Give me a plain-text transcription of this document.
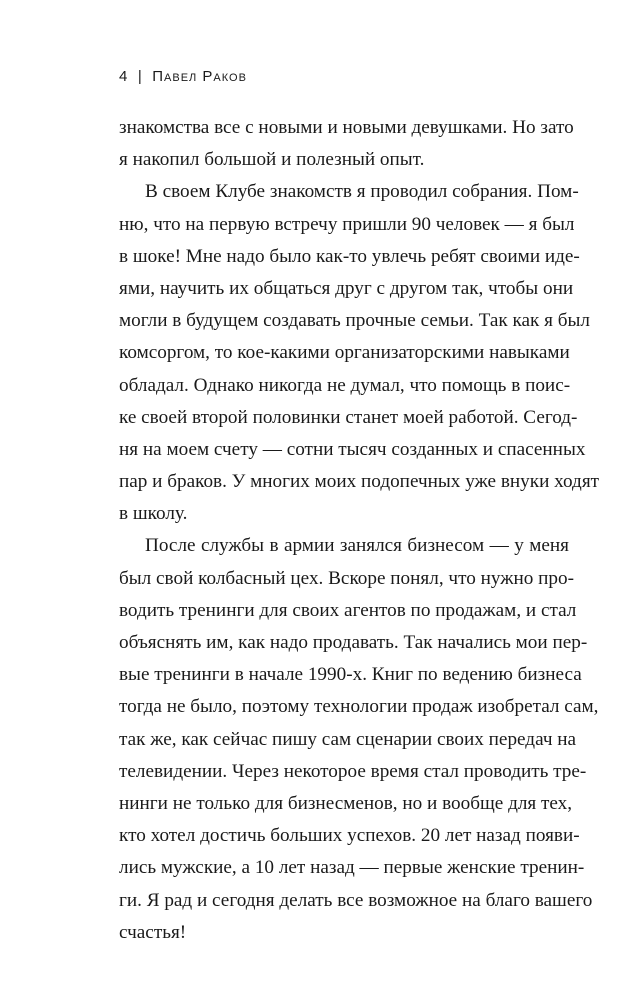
4 | Павел Раков
знакомства все с новыми и новыми девушками. Но зато
я накопил большой и полезный опыт.
В своем Клубе знакомств я проводил собрания. Пом-
ню, что на первую встречу пришли 90 человек — я был
в шоке! Мне надо было как-то увлечь ребят своими иде-
ями, научить их общаться друг с другом так, чтобы они
могли в будущем создавать прочные семьи. Так как я был
комсоргом, то кое-какими организаторскими навыками
обладал. Однако никогда не думал, что помощь в поис-
ке своей второй половинки станет моей работой. Сегод-
ня на моем счету — сотни тысяч созданных и спасенных
пар и браков. У многих моих подопечных уже внуки ходят
в школу.
После службы в армии занялся бизнесом — у меня
был свой колбасный цех. Вскоре понял, что нужно про-
водить тренинги для своих агентов по продажам, и стал
объяснять им, как надо продавать. Так начались мои пер-
вые тренинги в начале 1990-х. Книг по ведению бизнеса
тогда не было, поэтому технологии продаж изобретал сам,
так же, как сейчас пишу сам сценарии своих передач на
телевидении. Через некоторое время стал проводить тре-
нинги не только для бизнесменов, но и вообще для тех,
кто хотел достичь больших успехов. 20 лет назад появи-
лись мужские, а 10 лет назад — первые женские тренин-
ги. Я рад и сегодня делать все возможное на благо вашего
счастья!
